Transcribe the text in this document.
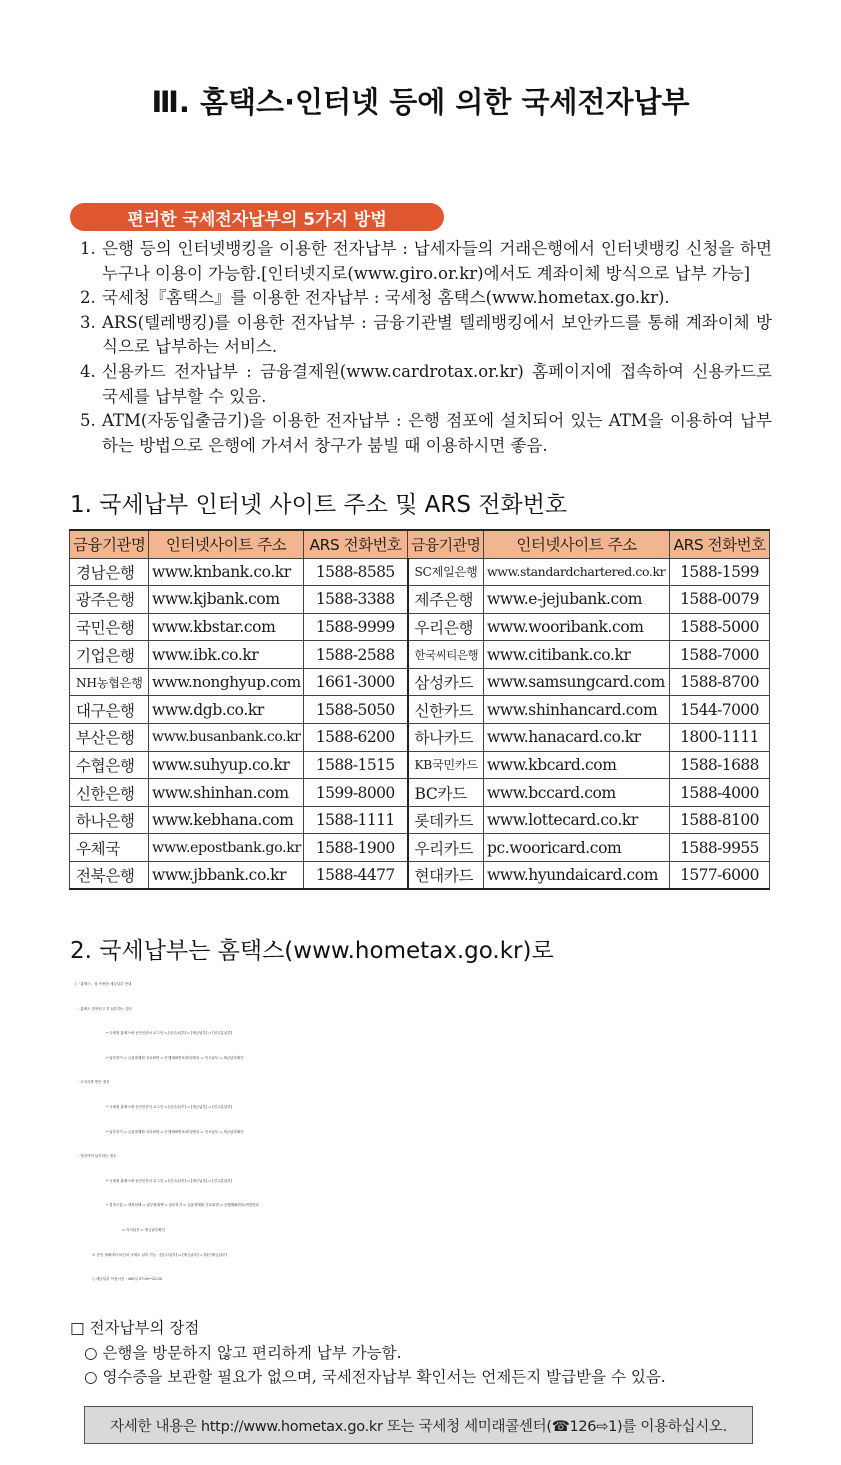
Ⅲ. 홈택스·인터넷 등에 의한 국세전자납부
편리한 국세전자납부의 5가지 방법
1. 은행 등의 인터넷뱅킹을 이용한 전자납부 : 납세자들의 거래은행에서 인터넷뱅킹 신청을 하면 누구나 이용이 가능함.[인터넷지로(www.giro.or.kr)에서도 계좌이체 방식으로 납부 가능]
2. 국세청『홈택스』를 이용한 전자납부 : 국세청 홈택스(www.hometax.go.kr).
3. ARS(텔레뱅킹)를 이용한 전자납부 : 금융기관별 텔레뱅킹에서 보안카드를 통해 계좌이체 방식으로 납부하는 서비스.
4. 신용카드 전자납부 : 금융결제원(www.cardrotax.or.kr) 홈페이지에 접속하여 신용카드로 국세를 납부할 수 있음.
5. ATM(자동입출금기)을 이용한 전자납부 : 은행 점포에 설치되어 있는 ATM을 이용하여 납부하는 방법으로 은행에 가셔서 창구가 붐빌 때 이용하시면 좋음.
1. 국세납부 인터넷 사이트 주소 및 ARS 전화번호
금융기관명	인터넷사이트 주소	ARS 전화번호	금융기관명	인터넷사이트 주소	ARS 전화번호
경남은행	www.knbank.co.kr	1588-8585	SC제일은행	www.standardchartered.co.kr	1588-1599
광주은행	www.kjbank.com	1588-3388	제주은행	www.e-jejubank.com	1588-0079
국민은행	www.kbstar.com	1588-9999	우리은행	www.wooribank.com	1588-5000
기업은행	www.ibk.co.kr	1588-2588	한국씨티은행	www.citibank.co.kr	1588-7000
NH농협은행	www.nonghyup.com	1661-3000	삼성카드	www.samsungcard.com	1588-8700
대구은행	www.dgb.co.kr	1588-5050	신한카드	www.shinhancard.com	1544-7000
부산은행	www.busanbank.co.kr	1588-6200	하나카드	www.hanacard.co.kr	1800-1111
수협은행	www.suhyup.co.kr	1588-1515	KB국민카드	www.kbcard.com	1588-1688
신한은행	www.shinhan.com	1599-8000	BC카드	www.bccard.com	1588-4000
하나은행	www.kebhana.com	1588-1111	롯데카드	www.lottecard.co.kr	1588-8100
우체국	www.epostbank.go.kr	1588-1900	우리카드	pc.wooricard.com	1588-9955
전북은행	www.jbbank.co.kr	1588-4477	현대카드	www.hyundaicard.com	1577-6000
2. 국세납부는 홈택스(www.hometax.go.kr)로
○「홈택스」를 이용한 세금납부 안내
- 홈택스 전자신고 후 납부하는 경우
• 국세청 홈택스에 공인인증서 로그인 ⇨ [신고/납부] ⇨ [세금납부] ⇨ [신고분납부]
• 납부하기 ⇨ 금융결제원 지로화면 ⇨ 은행계좌번호/비밀번호 ⇨ 즉시납부 ⇨ 세금납부확인
- 고지서를 받은 경우
• 국세청 홈택스에 공인인증서 로그인 ⇨ [신고/납부] ⇨ [세금납부] ⇨ [신고분납부]
• 납부하기 ⇨ 금융결제원 지로화면 ⇨ 은행계좌번호/비밀번호 ⇨ 즉시납부 ⇨ 세금납부확인
- 자진하여 납부하는 경우
• 국세청 홈택스에 공인인증서 로그인 ⇨ [신고/납부] ⇨ [세금납부] ⇨ [신고분납부]
• 결정구분 ⇨ 세목선택 ⇨ 납부할세액 ⇨ 납부하기 ⇨ 금융결제원 지로화면 ⇨ 은행계좌번호/비밀번호
⇨ 즉시납부 ⇨ 세금납부확인
※ 본인 계좌에서 타인의 국세도 납부 가능 : [신고/납부] ⇨ [세금납부] ⇨ [타인세금납부]
○ 세금납부 이용시간 : 365일 07:00~23:30
□ 전자납부의 장점
○ 은행을 방문하지 않고 편리하게 납부 가능함.
○ 영수증을 보관할 필요가 없으며, 국세전자납부 확인서는 언제든지 발급받을 수 있음.
자세한 내용은 http://www.hometax.go.kr 또는 국세청 세미래콜센터(☎126⇨1)를 이용하십시오.
